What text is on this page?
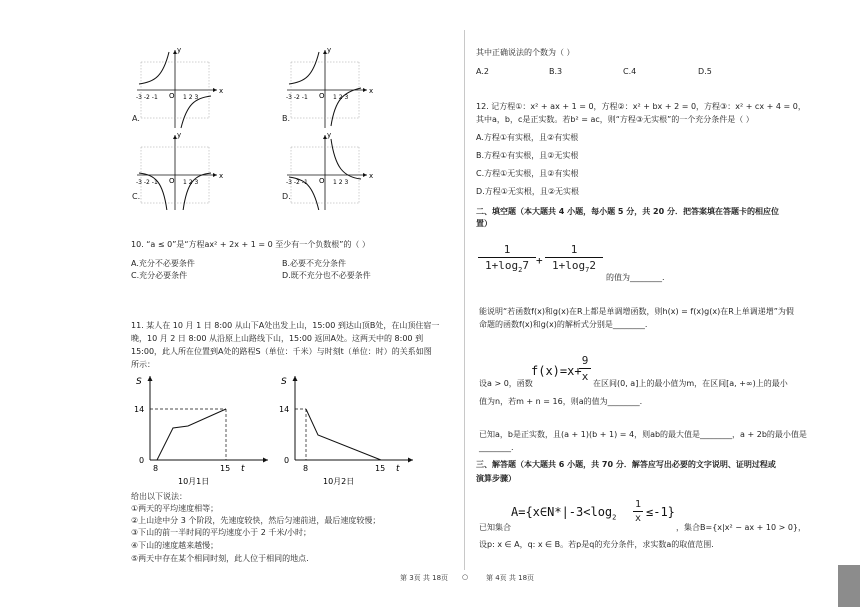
x
y
O
-3 -2 -1	1 2 3
x
y
O
-3 -2 -1	1 2 3
x
y
O
-3 -2 -1	1 2 3
x
y
O
-3 -2 -1	1 2 3
A.	B.
C.	D.
10. “a ≤ 0”是“方程ax² + 2x + 1 = 0 至少有一个负数根”的（ ）
A.充分不必要条件	B.必要不充分条件
C.充分必要条件	D.既不充分也不必要条件
11. 某人在 10 月 1 日 8:00 从山下A处出发上山，15:00 到达山顶B处，在山顶住宿一
晚，10 月 2 日 8:00 从沿原上山路线下山，15:00 返回A处。这两天中的 8:00 到
15:00，此人所在位置到A处的路程S（单位：千米）与时刻t（单位：时）的关系如图
所示：
S
14
0
8	15 t
10月1日
S
14
0
8	15 t
10月2日
给出以下说法：
①两天的平均速度相等；
②上山途中分 3 个阶段，先速度较快，然后匀速前进，最后速度较慢；
③下山的前一半时间的平均速度小于 2 千米/小时；
④下山的速度越来越慢；
⑤两天中存在某个相同时刻，此人位于相同的地点.
其中正确说法的个数为（ ）
A.2	B.3	C.4	D.5
12. 记方程①：x² + ax + 1 = 0，方程②：x² + bx + 2 = 0，方程③：x² + cx + 4 = 0，
其中a，b，c是正实数。若b² = ac，则“方程③无实根”的一个充分条件是（ ）
A.方程①有实根，且②有实根
B.方程①有实根，且②无实根
C.方程①无实根，且②有实根
D.方程①无实根，且②无实根
二、填空题（本大题共 4 小题，每小题 5 分，共 20 分．把答案填在答题卡的相应位
置）
$\frac{1}{1+\log_27} + \frac{1}{1+\log_72}$
的值为________.
能说明“若函数f(x)和g(x)在R上都是单调增函数，则h(x) = f(x)g(x)在R上单调递增”为假
命题的函数f(x)和g(x)的解析式分别是________.
f(x)=x+
$\frac{9}{x}$
设a > 0，函数	在区间(0, a]上的最小值为m，在区间[a, +∞)上的最小
值为n，若m + n = 16，则a的值为________.
已知a，b是正实数，且(a + 1)(b + 1) = 4，则ab的最大值是________，a + 2b的最小值是
________.
三、解答题（本大题共 6 小题，共 70 分．解答应写出必要的文字说明、证明过程或
演算步骤）
$A=\{x\in N*|-3<\log_2 \frac{1}{x} \le-1\}$
已知集合	，集合B={x|x² − ax + 10 > 0}，
设p: x ∈ A，q: x ∈ B。若p是q的充分条件，求实数a的取值范围.
第 3页 共 18页 ○	第 4页 共 18页
